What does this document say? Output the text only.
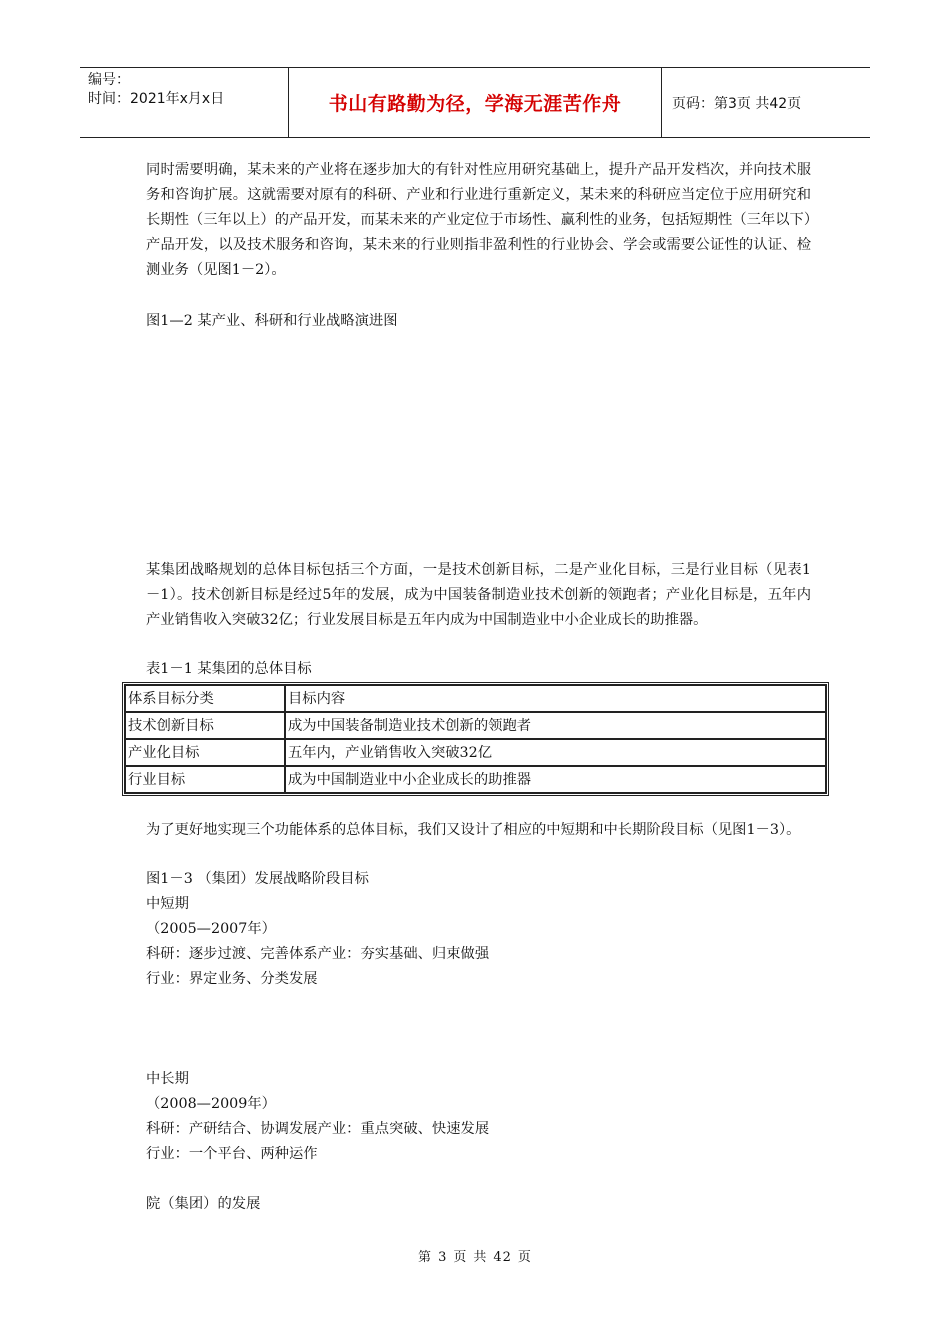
编号：
时间：2021年x月x日	书山有路勤为径，学海无涯苦作舟	页码：第3页 共42页
同时需要明确，某未来的产业将在逐步加大的有针对性应用研究基础上，提升产品开发档次，并向技术服务和咨询扩展。这就需要对原有的科研、产业和行业进行重新定义，某未来的科研应当定位于应用研究和长期性（三年以上）的产品开发，而某未来的产业定位于市场性、赢利性的业务，包括短期性（三年以下）产品开发，以及技术服务和咨询，某未来的行业则指非盈利性的行业协会、学会或需要公证性的认证、检测业务（见图1－2）。
图1—2 某产业、科研和行业战略演进图
某集团战略规划的总体目标包括三个方面，一是技术创新目标，二是产业化目标，三是行业目标（见表1－1）。技术创新目标是经过5年的发展，成为中国装备制造业技术创新的领跑者；产业化目标是，五年内产业销售收入突破32亿；行业发展目标是五年内成为中国制造业中小企业成长的助推器。
表1－1 某集团的总体目标
体系目标分类	目标内容
技术创新目标	成为中国装备制造业技术创新的领跑者
产业化目标	五年内，产业销售收入突破32亿
行业目标	成为中国制造业中小企业成长的助推器
为了更好地实现三个功能体系的总体目标，我们又设计了相应的中短期和中长期阶段目标（见图1－3）。
图1－3 （集团）发展战略阶段目标
中短期
（2005—2007年）
科研：逐步过渡、完善体系产业：夯实基础、归束做强
行业：界定业务、分类发展
中长期
（2008—2009年）
科研：产研结合、协调发展产业：重点突破、快速发展
行业：一个平台、两种运作
院（集团）的发展
第 3 页 共 42 页
